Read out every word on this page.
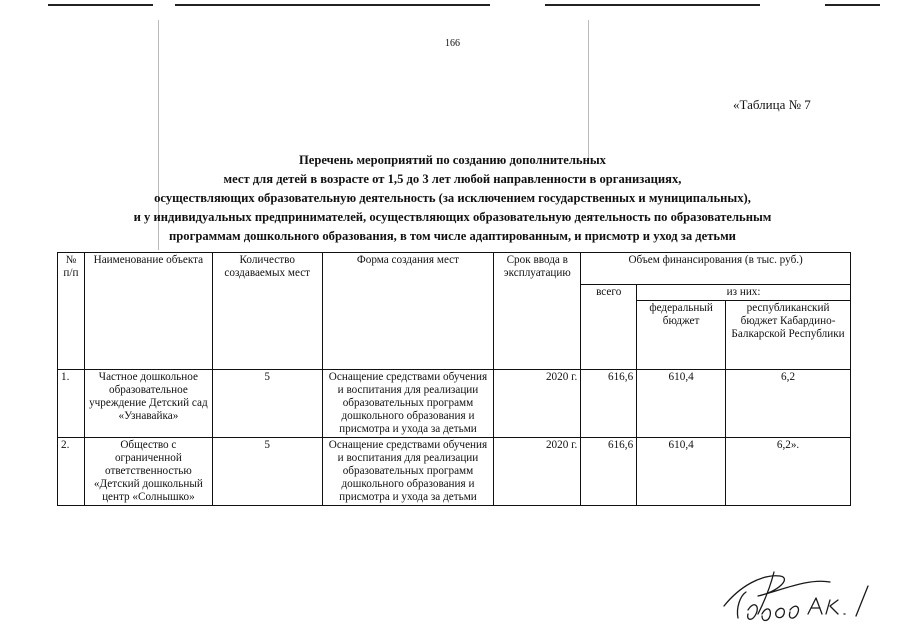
166
«Таблица № 7
Перечень мероприятий по созданию дополнительных
мест для детей в возрасте от 1,5 до 3 лет любой направленности в организациях,
осуществляющих образовательную деятельность (за исключением государственных и муниципальных),
и у индивидуальных предпринимателей, осуществляющих образовательную деятельность по образовательным
программам дошкольного образования, в том числе адаптированным, и присмотр и уход за детьми
№ п/п	Наименование объекта	Количество создаваемых мест	Форма создания мест	Срок ввода в эксплуатацию	Объем финансирования (в тыс. руб.)		
					всего	из них:	
						федеральный бюджет	республиканский бюджет Кабардино-Балкарской Республики
1.	Частное дошкольное образовательное учреждение Детский сад «Узнавайка»	5	Оснащение средствами обучения и воспитания для реализации образовательных программ дошкольного образования и присмотра и ухода за детьми	2020 г.	616,6	610,4	6,2
2.	Общество с ограниченной ответственностью «Детский дошкольный центр «Солнышко»	5	Оснащение средствами обучения и воспитания для реализации образовательных программ дошкольного образования и присмотра и ухода за детьми	2020 г.	616,6	610,4	6,2».
